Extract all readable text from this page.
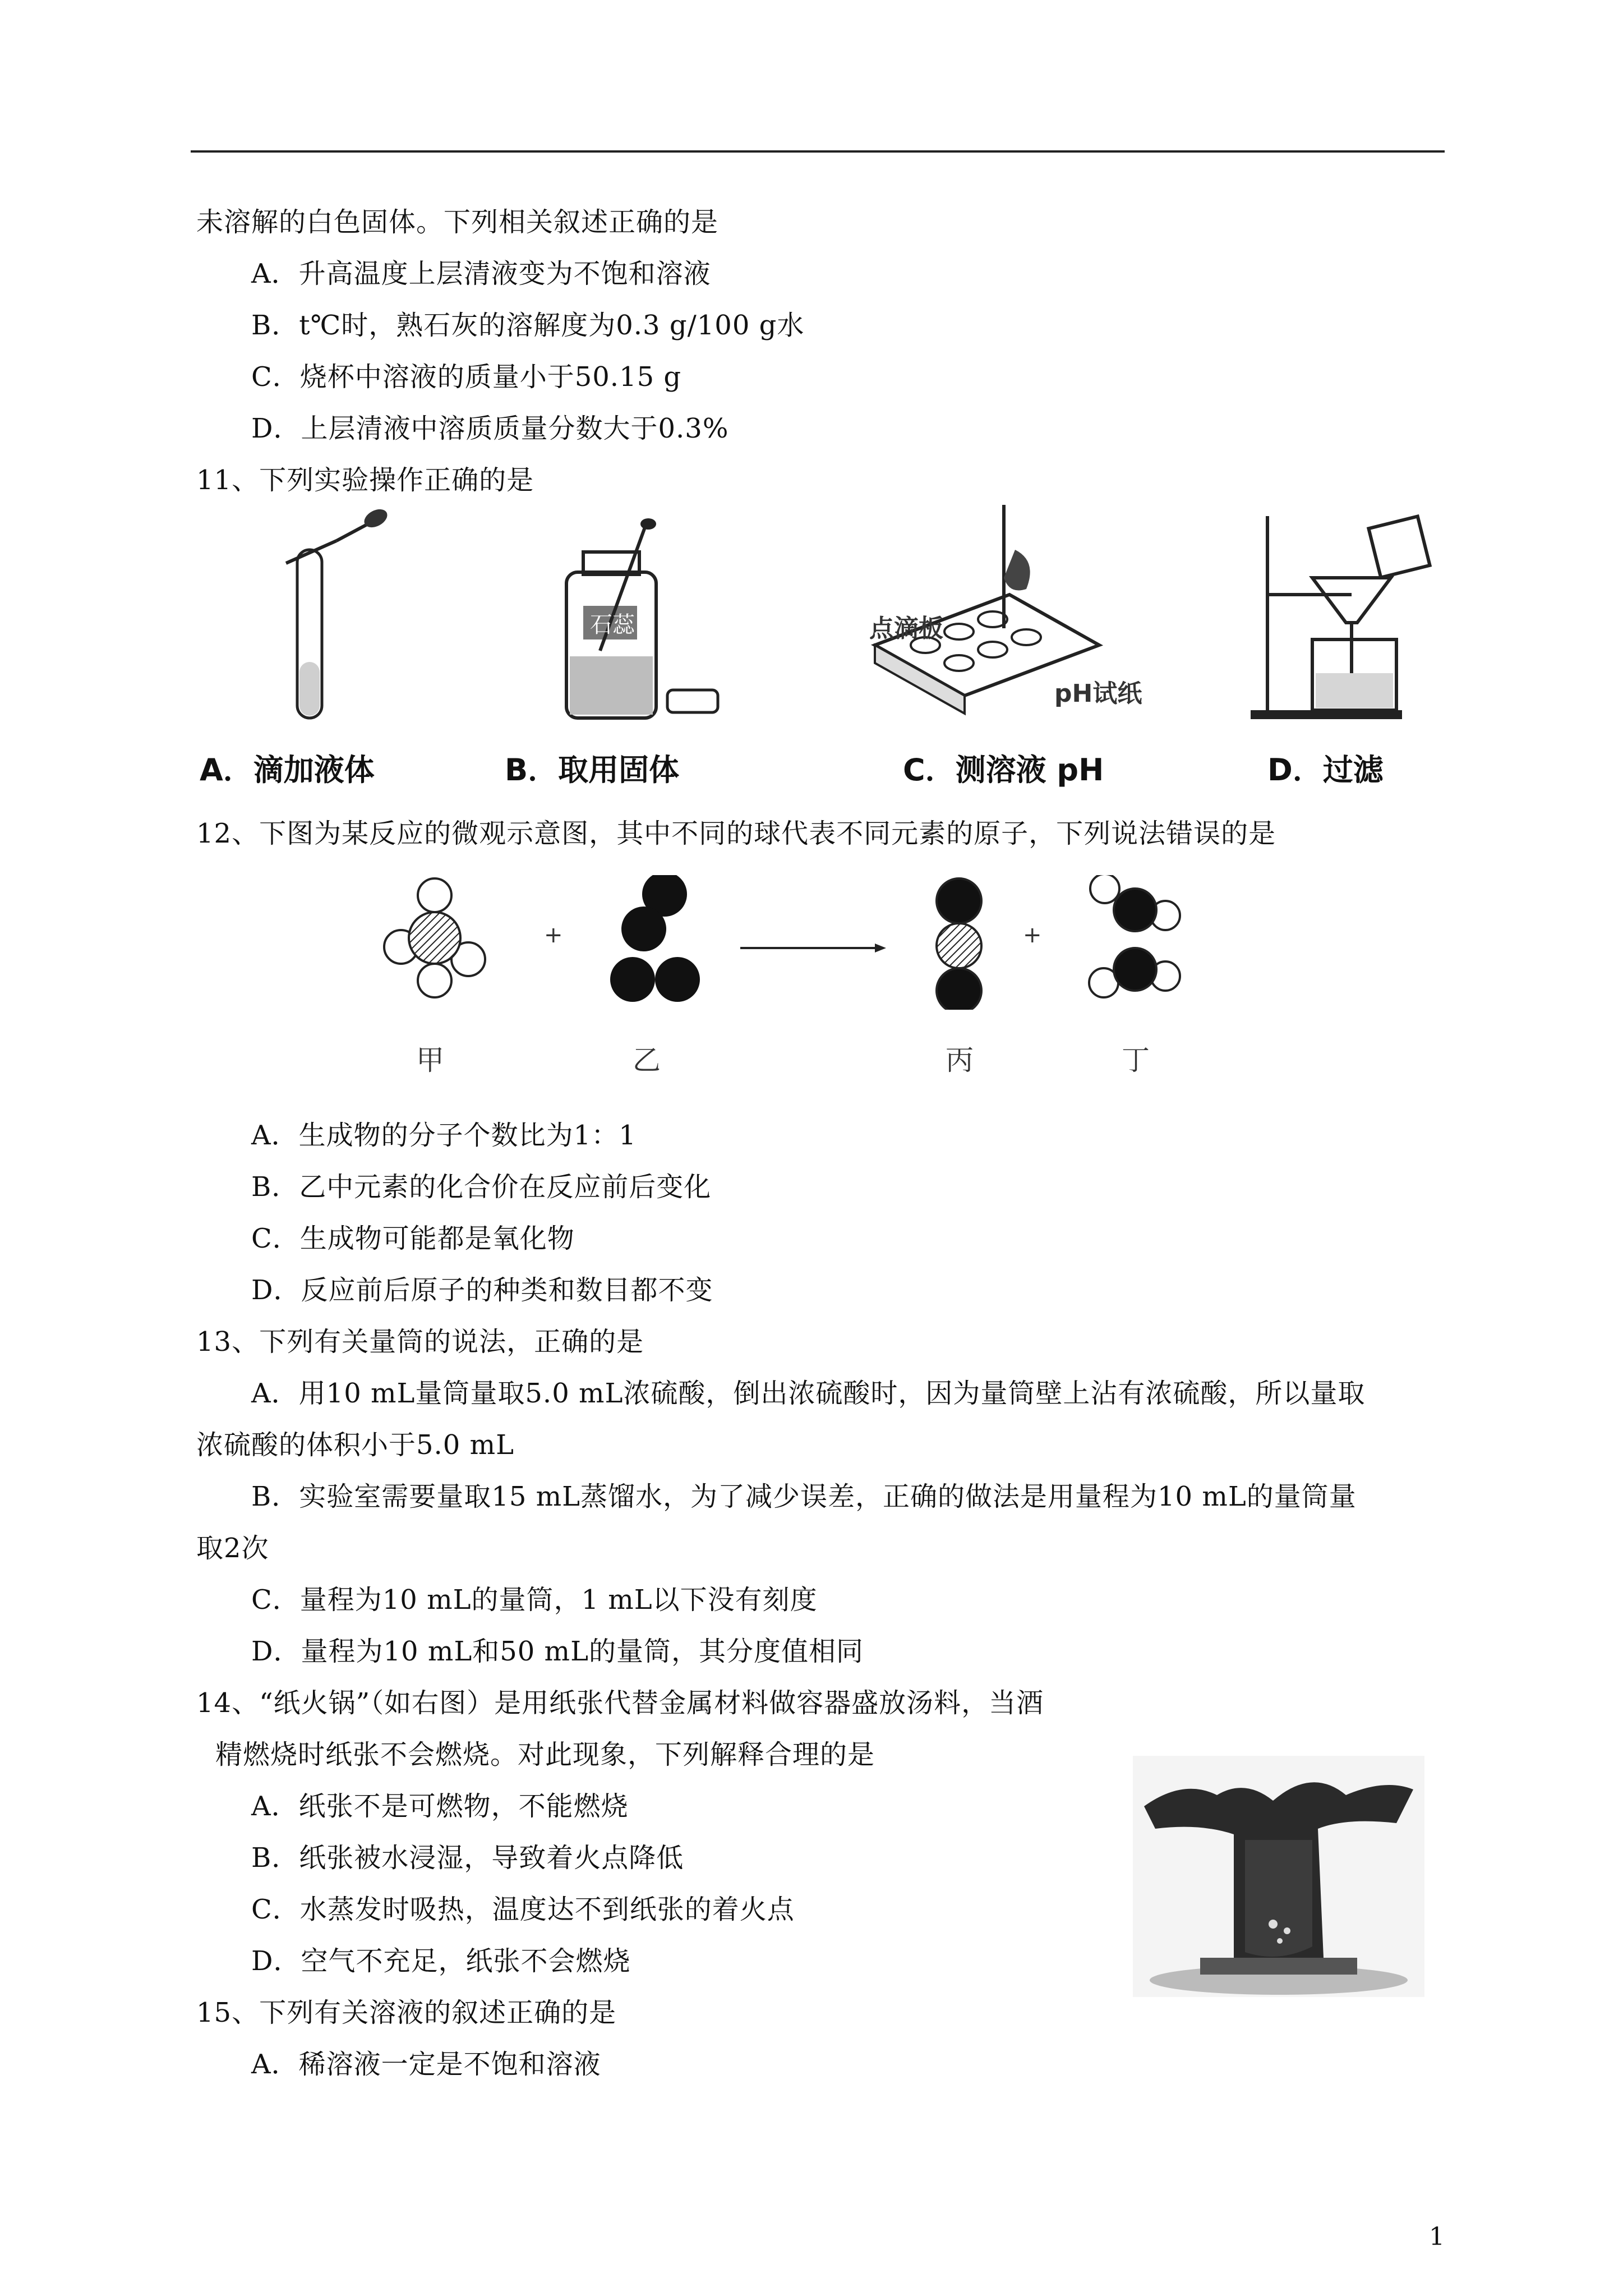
未溶解的白色固体。下列相关叙述正确的是
A．升高温度上层清液变为不饱和溶液
B．t℃时，熟石灰的溶解度为0.3 g/100 g水
C．烧杯中溶液的质量小于50.15 g
D．上层清液中溶质质量分数大于0.3%
11、下列实验操作正确的是
A．滴加液体
石蕊
B．取用固体
点滴板
pH试纸
C．测溶液 pH	D．过滤
12、下图为某反应的微观示意图，其中不同的球代表不同元素的原子，下列说法错误的是
+	+
甲	乙	丙	丁
A．生成物的分子个数比为1：1
B．乙中元素的化合价在反应前后变化
C．生成物可能都是氧化物
D．反应前后原子的种类和数目都不变
13、下列有关量筒的说法，正确的是
A．用10 mL量筒量取5.0 mL浓硫酸，倒出浓硫酸时，因为量筒壁上沾有浓硫酸，所以量取
浓硫酸的体积小于5.0 mL
B．实验室需要量取15 mL蒸馏水，为了减少误差，正确的做法是用量程为10 mL的量筒量
取2次
C．量程为10 mL的量筒，1 mL以下没有刻度
D．量程为10 mL和50 mL的量筒，其分度值相同
14、“纸火锅”（如右图）是用纸张代替金属材料做容器盛放汤料，当酒
精燃烧时纸张不会燃烧。对此现象，下列解释合理的是
A．纸张不是可燃物，不能燃烧
B．纸张被水浸湿，导致着火点降低
C．水蒸发时吸热，温度达不到纸张的着火点
D．空气不充足，纸张不会燃烧
15、下列有关溶液的叙述正确的是
A．稀溶液一定是不饱和溶液
1
